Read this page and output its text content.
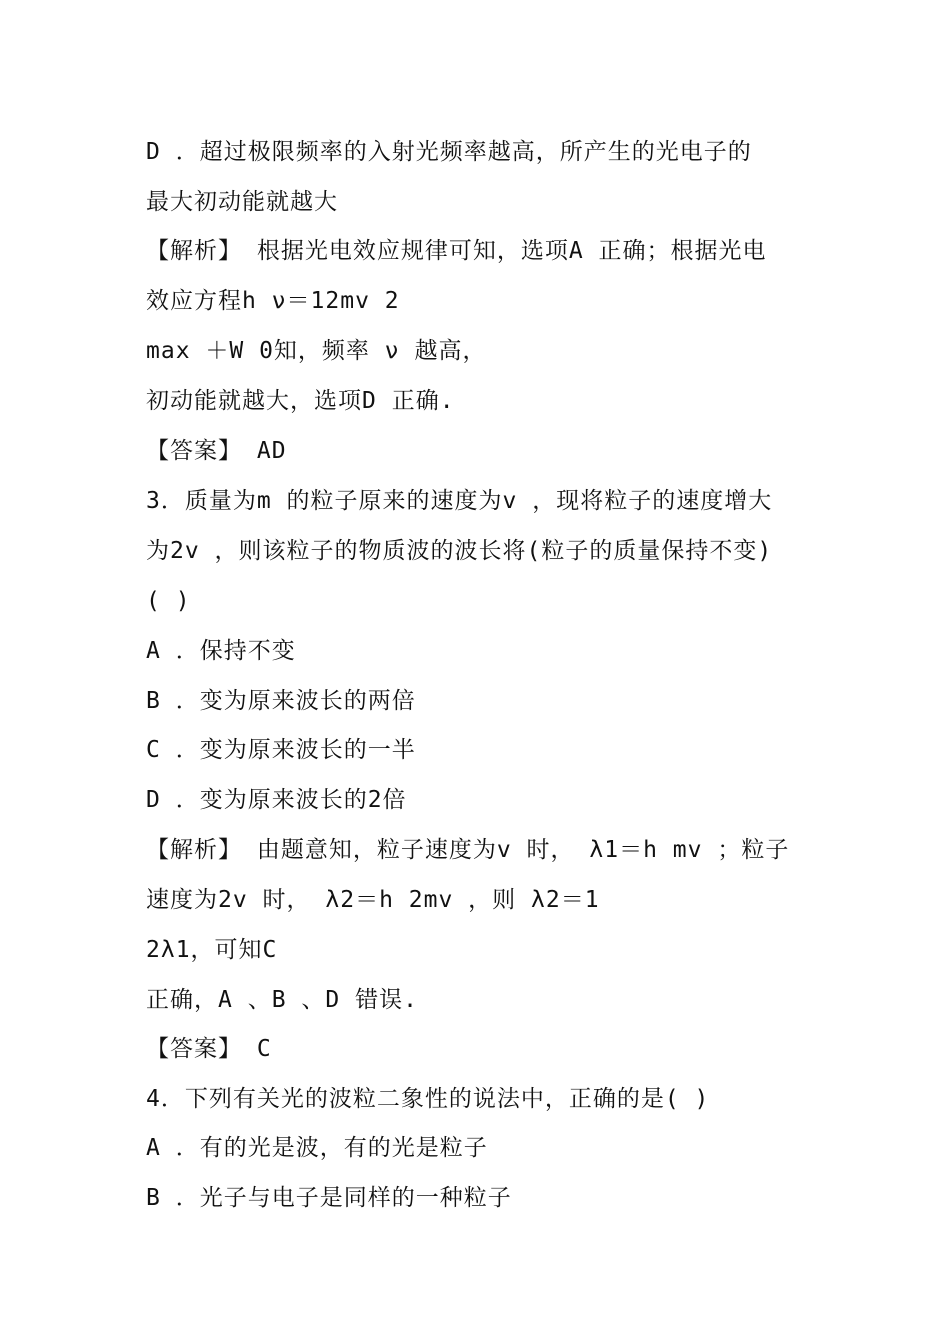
D ．超过极限频率的入射光频率越高，所产生的光电子的
最大初动能就越大
【解析】 根据光电效应规律可知，选项A 正确；根据光电
效应方程h ν＝12mv 2
max ＋W 0知，频率 ν 越高，
初动能就越大，选项D 正确.
【答案】 AD
3．质量为m 的粒子原来的速度为v ，现将粒子的速度增大
为2v ，则该粒子的物质波的波长将(粒子的质量保持不变)
( )
A ．保持不变
B ．变为原来波长的两倍
C ．变为原来波长的一半
D ．变为原来波长的2倍
【解析】 由题意知，粒子速度为v 时， λ1＝h mv ；粒子
速度为2v 时， λ2＝h 2mv ，则 λ2＝1
2λ1，可知C
正确，A 、B 、D 错误.
【答案】 C
4．下列有关光的波粒二象性的说法中，正确的是( )
A ．有的光是波，有的光是粒子
B ．光子与电子是同样的一种粒子
